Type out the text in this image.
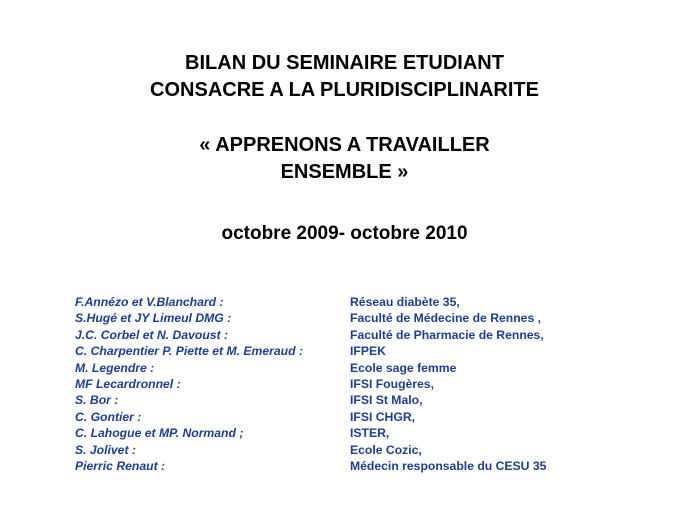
BILAN DU SEMINAIRE ETUDIANT
CONSACRE A LA PLURIDISCIPLINARITE
« APPRENONS A TRAVAILLER
ENSEMBLE »
octobre 2009- octobre 2010
F.Annézo et V.Blanchard :	Réseau diabète 35,
S.Hugé et JY Limeul DMG :	Faculté de Médecine de Rennes ,
J.C. Corbel et N. Davoust :	Faculté de Pharmacie de Rennes,
C. Charpentier P. Piette et M. Emeraud :	IFPEK
M. Legendre :	Ecole sage femme
MF Lecardronnel :	IFSI Fougères,
S. Bor :	IFSI St Malo,
C. Gontier :	IFSI CHGR,
C. Lahogue et MP. Normand ;	ISTER,
S. Jolivet :	Ecole Cozic,
Pierric Renaut :	Médecin responsable du CESU 35
